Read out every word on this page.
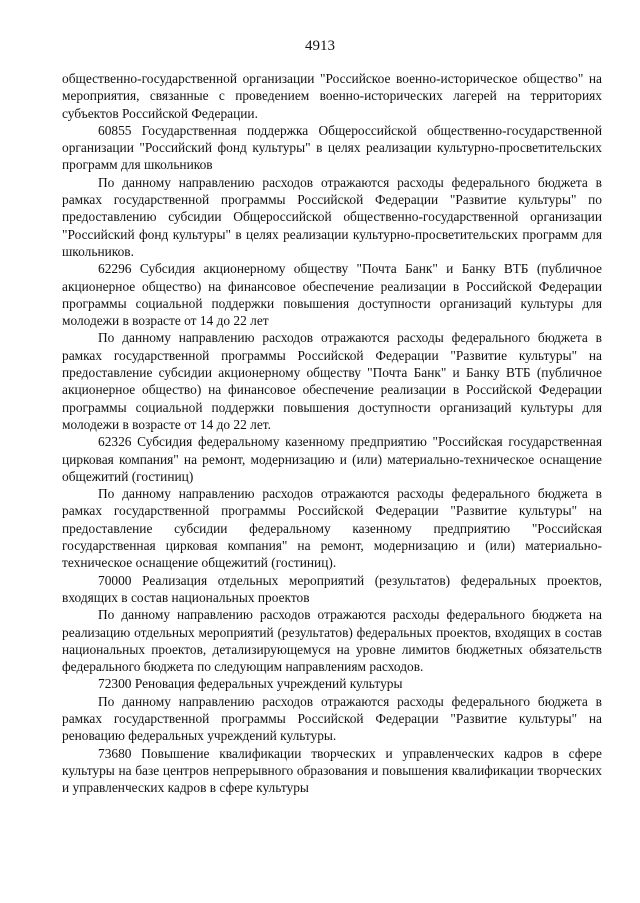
4913

общественно-государственной организации "Российское военно-историческое общество" на мероприятия, связанные с проведением военно-исторических лагерей на территориях субъектов Российской Федерации.

60855 Государственная поддержка Общероссийской общественно-государственной организации "Российский фонд культуры" в целях реализации культурно-просветительских программ для школьников

По данному направлению расходов отражаются расходы федерального бюджета в рамках государственной программы Российской Федерации "Развитие культуры" по предоставлению субсидии Общероссийской общественно-государственной организации "Российский фонд культуры" в целях реализации культурно-просветительских программ для школьников.

62296 Субсидия акционерному обществу "Почта Банк" и Банку ВТБ (публичное акционерное общество) на финансовое обеспечение реализации в Российской Федерации программы социальной поддержки повышения доступности организаций культуры для молодежи в возрасте от 14 до 22 лет

По данному направлению расходов отражаются расходы федерального бюджета в рамках государственной программы Российской Федерации "Развитие культуры" на предоставление субсидии акционерному обществу "Почта Банк" и Банку ВТБ (публичное акционерное общество) на финансовое обеспечение реализации в Российской Федерации программы социальной поддержки повышения доступности организаций культуры для молодежи в возрасте от 14 до 22 лет.

62326 Субсидия федеральному казенному предприятию "Российская государственная цирковая компания" на ремонт, модернизацию и (или) материально-техническое оснащение общежитий (гостиниц)

По данному направлению расходов отражаются расходы федерального бюджета в рамках государственной программы Российской Федерации "Развитие культуры" на предоставление субсидии федеральному казенному предприятию "Российская государственная цирковая компания" на ремонт, модернизацию и (или) материально-техническое оснащение общежитий (гостиниц).

70000 Реализация отдельных мероприятий (результатов) федеральных проектов, входящих в состав национальных проектов

По данному направлению расходов отражаются расходы федерального бюджета на реализацию отдельных мероприятий (результатов) федеральных проектов, входящих в состав национальных проектов, детализирующемуся на уровне лимитов бюджетных обязательств федерального бюджета по следующим направлениям расходов.

72300 Реновация федеральных учреждений культуры

По данному направлению расходов отражаются расходы федерального бюджета в рамках государственной программы Российской Федерации "Развитие культуры" на реновацию федеральных учреждений культуры.

73680 Повышение квалификации творческих и управленческих кадров в сфере культуры на базе центров непрерывного образования и повышения квалификации творческих и управленческих кадров в сфере культуры
